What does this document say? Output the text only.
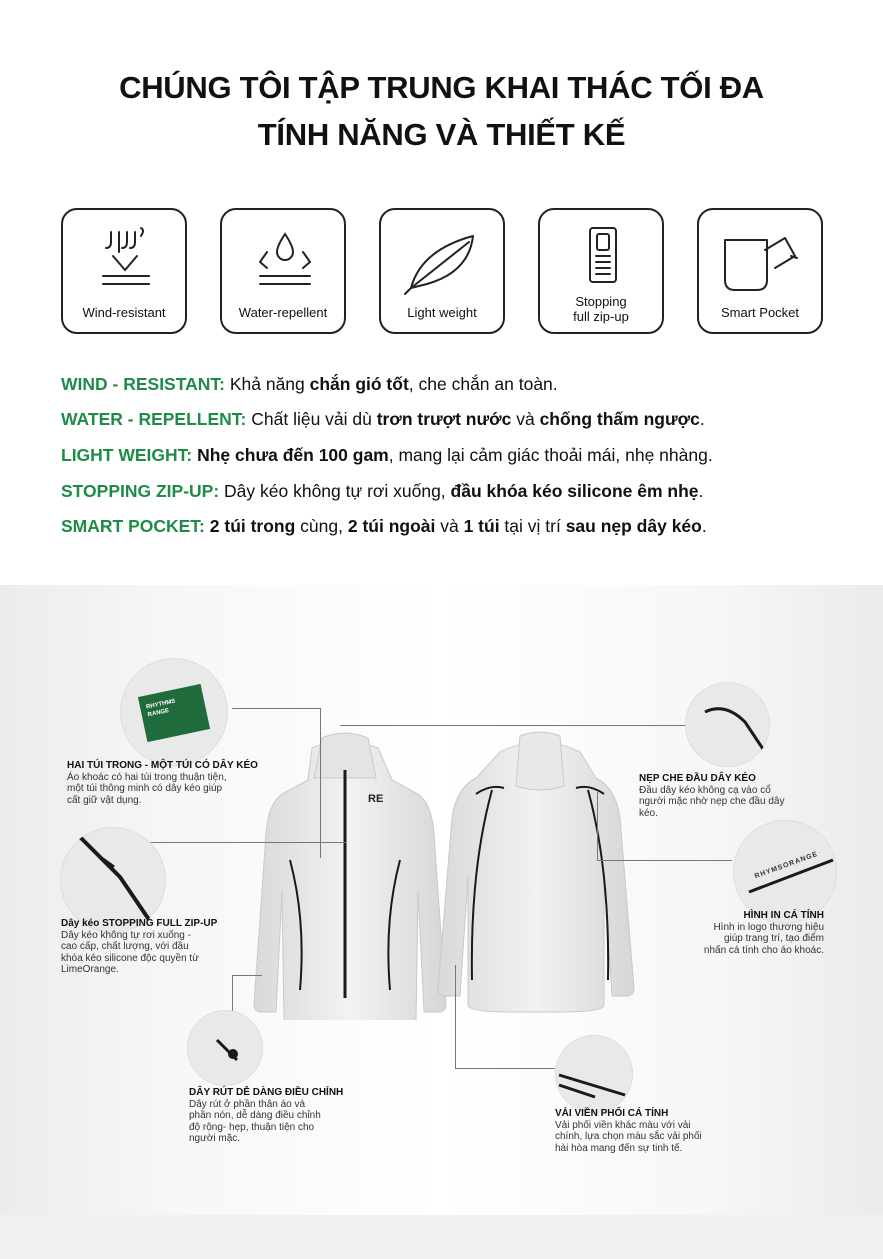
CHÚNG TÔI TẬP TRUNG KHAI THÁC TỐI ĐA
TÍNH NĂNG VÀ THIẾT KẾ
Wind-resistant	Water-repellent	Light weight
Stopping
full zip-up	Smart Pocket
WIND - RESISTANT: Khả năng chắn gió tốt, che chắn an toàn.
WATER - REPELLENT: Chất liệu vải dù trơn trượt nước và chống thấm ngược.
LIGHT WEIGHT: Nhẹ chưa đến 100 gam, mang lại cảm giác thoải mái, nhẹ nhàng.
STOPPING ZIP-UP: Dây kéo không tự rơi xuống, đầu khóa kéo silicone êm nhẹ.
SMART POCKET: 2 túi trong cùng, 2 túi ngoài và 1 túi tại vị trí sau nẹp dây kéo.
RE
RHYTHMS
RANGE
RHYMSORANGE
HAI TÚI TRONG - MỘT TÚI CÓ DÂY KÉO
Áo khoác có hai túi trong thuận tiện,
một túi thông minh có dây kéo giúp
cất giữ vật dụng.
Dây kéo STOPPING FULL ZIP-UP
Dây kéo không tự rơi xuống -
cao cấp, chất lượng, với đầu
khóa kéo silicone độc quyền từ
LimeOrange.
DÂY RÚT DỄ DÀNG ĐIỀU CHỈNH
Dây rút ở phần thân áo và
phần nón, dễ dàng điều chỉnh
độ rộng- hẹp, thuận tiện cho
người mặc.
NẸP CHE ĐẦU DÂY KÉO
Đầu dây kéo không cạ vào cổ
người mặc nhờ nẹp che đầu dây
kéo.
HÌNH IN CÁ TÍNH
Hình in logo thương hiệu
giúp trang trí, tạo điểm
nhấn cá tính cho áo khoác.
VẢI VIỀN PHỐI CÁ TÍNH
Vải phối viền khác màu với vải
chính, lựa chọn màu sắc vải phối
hài hòa mang đến sự tinh tế.
